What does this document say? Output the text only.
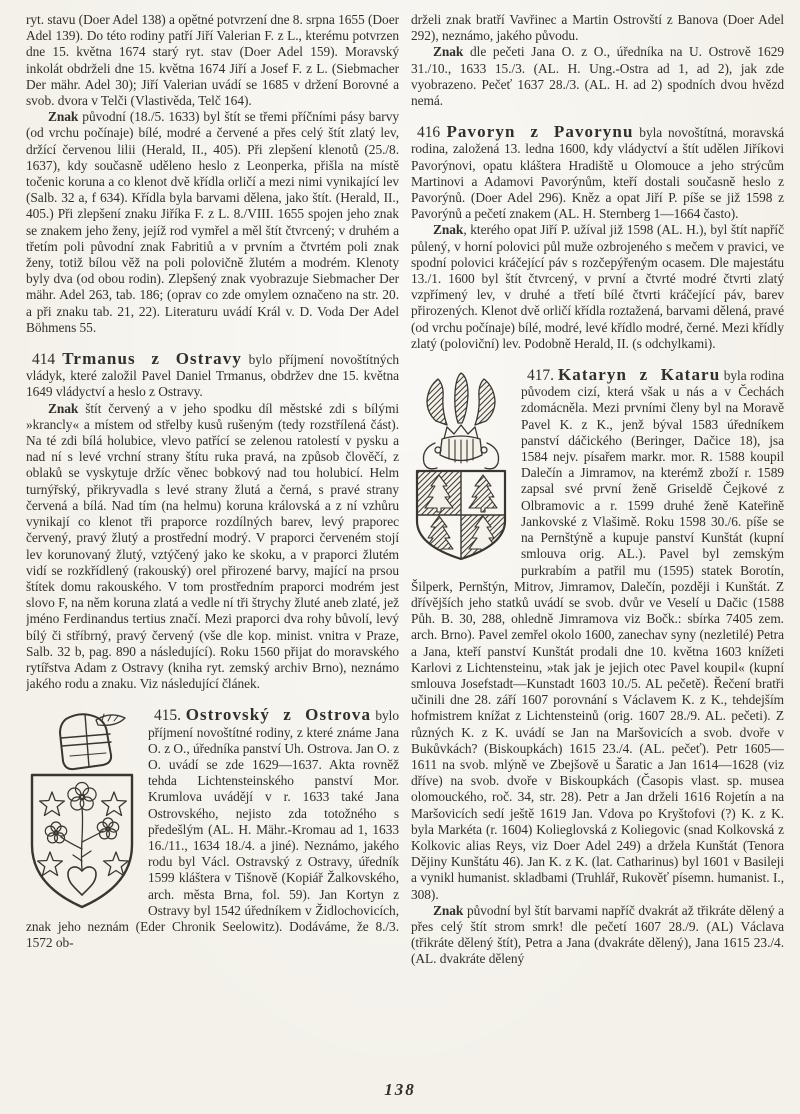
ryt. stavu (Doer Adel 138) a opětné potvrzení dne 8. srpna 1655 (Doer Adel 139). Do této rodiny patří Jiří Valerian F. z L., kterému potvrzen dne 15. května 1674 starý ryt. stav (Doer Adel 159). Moravský inkolát obdrželi dne 15. května 1674 Jiří a Josef F. z L. (Siebmacher Der mähr. Adel 30); Jiří Valerian uvádí se 1685 v držení Borovné a svob. dvora v Telči (Vlastivěda, Telč 164).

Znak původní (18./5. 1633) byl štít se třemi příčními pásy barvy (od vrchu počínaje) bílé, modré a červené a přes celý štít zlatý lev, držící červenou lilii (Herald, II., 405). Při zlepšení klenotů (25./8. 1637), kdy současně uděleno heslo z Leonperka, přišla na místě točenic koruna a co klenot dvě křídla orličí a mezi nimi vynikající lev (Salb. 32 a, f 634). Křídla byla barvami dělena, jako štít. (Herald, II., 405.) Při zlepšení znaku Jiříka F. z L. 8./VIII. 1655 spojen jeho znak se znakem jeho ženy, jejíž rod vymřel a měl štít čtvrcený; v druhém a třetím poli původní znak Fabritiů a v prvním a čtvrtém poli znak ženy, totiž bílou věž na poli polovičně žlutém a modrém. Klenoty byly dva (od obou rodin). Zlepšený znak vyobrazuje Siebmacher Der mähr. Adel 263, tab. 186; (oprav co zde omylem označeno na str. 20. a při znaku tab. 21, 22). Literaturu uvádí Král v. D. Voda Der Adel Böhmens 55.

414 Trmanus z Ostravy bylo příjmení novoštítných vládyk, které založil Pavel Daniel Trmanus, obdržev dne 15. května 1649 vládyctví a heslo z Ostravy.

Znak štít červený a v jeho spodku díl městské zdi s bílými »krancly« a místem od střelby kusů rušeným (tedy rozstřílená část). Na té zdi bílá holubice, vlevo patřící se zelenou ratolestí v pysku a nad ní s levé vrchní strany štítu ruka pravá, na způsob člověčí, z oblaků se vyskytuje držíc věnec bobkový nad tou holubicí. Helm turnýřský, přikryvadla s levé strany žlutá a černá, s pravé strany červená a bílá. Nad tím (na helmu) koruna královská a z ní vzhůru vynikají co klenot tři praporce rozdílných barev, levý praporec červený, pravý žlutý a prostřední modrý. V praporci červeném stojí lev korunovaný žlutý, vztýčený jako ke skoku, a v praporci žlutém vidí se rozkřídlený (rakouský) orel přirozené barvy, mající na prsou štítek domu rakouského. V tom prostředním praporci modrém jest slovo F, na něm koruna zlatá a vedle ní tři štrychy žluté aneb zlaté, jež jméno Ferdinandus tertius značí. Mezi praporci dva rohy bůvolí, levý bílý či stříbrný, pravý červený (vše dle kop. minist. vnitra v Praze, Salb. 32 b, pag. 890 a následující). Roku 1560 přijat do moravského rytířstva Adam z Ostravy (kniha ryt. zemský archiv Brno), neznámo jakého rodu a znaku. Viz následující článek.

415. Ostrovský z Ostrova bylo příjmení novoštítné rodiny, z které známe Jana O. z O., úředníka panství Uh. Ostrova. Jan O. z O. uvádí se zde 1629—1637. Akta rovněž tehda Lichtensteinského panství Mor. Krumlova uvádějí v r. 1633 také Jana Ostrovského, nejisto zda totožného s předešlým (AL. H. Mähr.-Kromau ad 1, 1633 16./11., 1634 18./4. a jiné). Neznámo, jakého rodu byl Václ. Ostravský z Ostravy, úředník 1599 kláštera v Tišnově (Kopiář Žalkovského, arch. města Brna, fol. 59). Jan Kortyn z Ostravy byl 1542 úředníkem v Židlochovicích, znak jeho neznám (Eder Chronik Seelowitz). Dodáváme, že 8./3. 1572 ob-

drželi znak bratří Vavřinec a Martin Ostrovští z Banova (Doer Adel 292), neznámo, jakého původu.

Znak dle pečeti Jana O. z O., úředníka na U. Ostrově 1629 31./10., 1633 15./3. (AL. H. Ung.-Ostra ad 1, ad 2), jak zde vyobrazeno. Pečeť 1637 28./3. (AL. H. ad 2) spodních dvou hvězd nemá.

416 Pavoryn z Pavorynu byla novoštítná, moravská rodina, založená 13. ledna 1600, kdy vládyctví a štít udělen Jiříkovi Pavorýnovi, opatu kláštera Hradiště u Olomouce a jeho strýcům Martinovi a Adamovi Pavorýnům, kteří dostali současně heslo z Pavorýnů. (Doer Adel 296). Kněz a opat Jiří P. píše se již 1598 z Pavorýnů a pečetí znakem (AL. H. Sternberg 1—1664 často).

Znak, kterého opat Jiří P. užíval již 1598 (AL. H.), byl štít napříč půlený, v horní polovici půl muže ozbrojeného s mečem v pravici, ve spodní polovici kráčející páv s rozčepýřeným ocasem. Dle majestátu 13./1. 1600 byl štít čtvrcený, v první a čtvrté modré čtvrti zlatý vzpřímený lev, v druhé a třetí bílé čtvrti kráčející páv, barev přirozených. Klenot dvě orličí křídla roztažená, barvami dělená, pravé (od vrchu počínaje) bílé, modré, levé křídlo modré, černé. Mezi křídly zlatý (poloviční) lev. Podobně Herald, II. (s odchylkami).

417. Kataryn z Kataru byla rodina původem cizí, která však u nás a v Čechách zdomácněla. Mezi prvními členy byl na Moravě Pavel K. z K., jenž býval 1583 úředníkem panství dáčického (Beringer, Dačice 18), jsa 1584 nejv. písařem markr. mor. R. 1588 koupil Dalečín a Jimramov, na kterémž zboží r. 1589 zapsal své první ženě Griseldě Čejkové z Olbramovic a r. 1599 druhé ženě Kateřině Jankovské z Vlašimě. Roku 1598 30./6. píše se na Pernštýně a kupuje panství Kunštát (kupní smlouva orig. AL.). Pavel byl zemským purkrabím a patřil mu (1595) statek Borotín, Šilperk, Pernštýn, Mitrov, Jimramov, Dalečín, později i Kunštát. Z dřívějších jeho statků uvádí se svob. dvůr ve Veselí u Dačic (1588 Půh. B. 30, 288, ohledně Jimramova viz Bočk.: sbírka 7405 zem. arch. Brno). Pavel zemřel okolo 1600, zanechav syny (nezletilé) Petra a Jana, kteří panství Kunštát prodali dne 10. května 1603 knížeti Karlovi z Lichtensteinu, »tak jak je jejich otec Pavel koupil« (kupní smlouva Josefstadt—Kunstadt 1603 10./5. AL pečetě). Řečení bratři učinili dne 28. září 1607 porovnání s Václavem K. z K., tehdejším hofmistrem knížat z Lichtensteinů (orig. 1607 28./9. AL. pečeti). Z různých K. z K. uvádí se Jan na Maršovicích a svob. dvoře v Bukůvkách? (Biskoupkách) 1615 23./4. (AL. pečeť). Petr 1605—1611 na svob. mlýně ve Zbejšově u Šaratic a Jan 1614—1628 (viz dříve) na svob. dvoře v Biskoupkách (Časopis vlast. sp. musea olomouckého, roč. 34, str. 28). Petr a Jan drželi 1616 Rojetín a na Maršovicích sedí ještě 1619 Jan. Vdova po Kryštofovi (?) K. z K. byla Markéta (r. 1604) Kolieglovská z Koliegovic (snad Kolkovská z Kolkovic alias Reys, viz Doer Adel 249) a držela Kunštát (Tenora Dějiny Kunštátu 46). Jan K. z K. (lat. Catharinus) byl 1601 v Basileji a vynikl humanist. skladbami (Truhlář, Rukověť písemn. humanist. I., 308).

Znak původní byl štít barvami napříč dvakrát až třikráte dělený a přes celý štít strom smrk! dle pečetí 1607 28./9. (AL) Václava (třikráte dělený štít), Petra a Jana (dvakráte dělený), Jana 1615 23./4. (AL. dvakráte dělený

138
